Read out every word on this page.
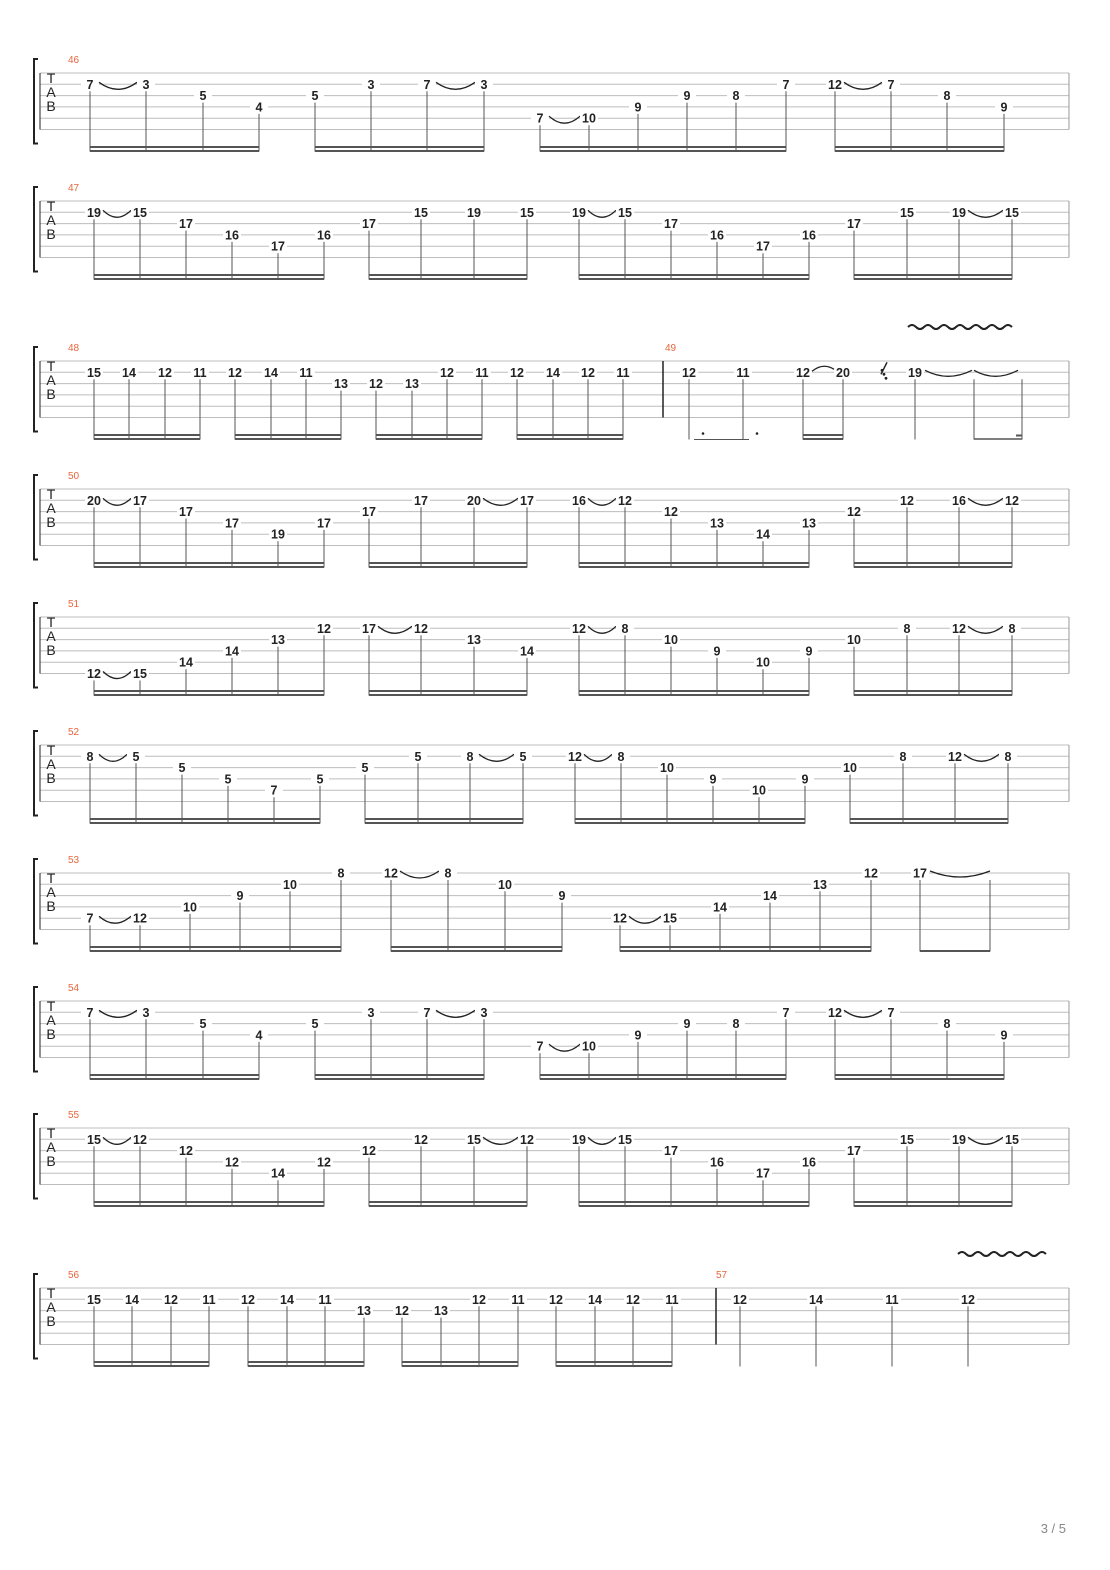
T
A
B
46
7	3
5
4
5
3	7	3
7	10
9
9	8
7	12	7
8
9
T
A
B
47
19	15
17
16
17
16
17
15	19	15	19	15
17
16
17
16
17
15	19	15
T
A
B
48
15 14 12 11 12 14 11
13 12 13
12 11 12 14 12 11
49
12	11	12 20	19
T
A
B
50
20	17
17
17
19
17
17
17	20	17	16	12
12
13
14
13
12
12	16	12
T
A
B
51
12	15
14
14
13
12 17	12
13
14
12	8
10
9
10
9
10
8	12	8
T
A
B
52
8	5
5
5
7
5
5
5	8	5	12	8
10
9
10
9
10
8	12	8
T
A
B
53
7	12
10
9
10
8	12	8
10
9
12	15
14
14
13
12	17
T
A
B
54
7	3
5
4
5
3	7	3
7	10
9
9	8
7	12	7
8
9
T
A
B
55
15	12
12
12
14
12
12
12	15	12	19	15
17
16
17
16
17
15	19	15
T
A
B
56
15 14 12 11 12 14 11
13 12 13
12 11 12 14 12 11
57
12	14	11	12
3 / 5
